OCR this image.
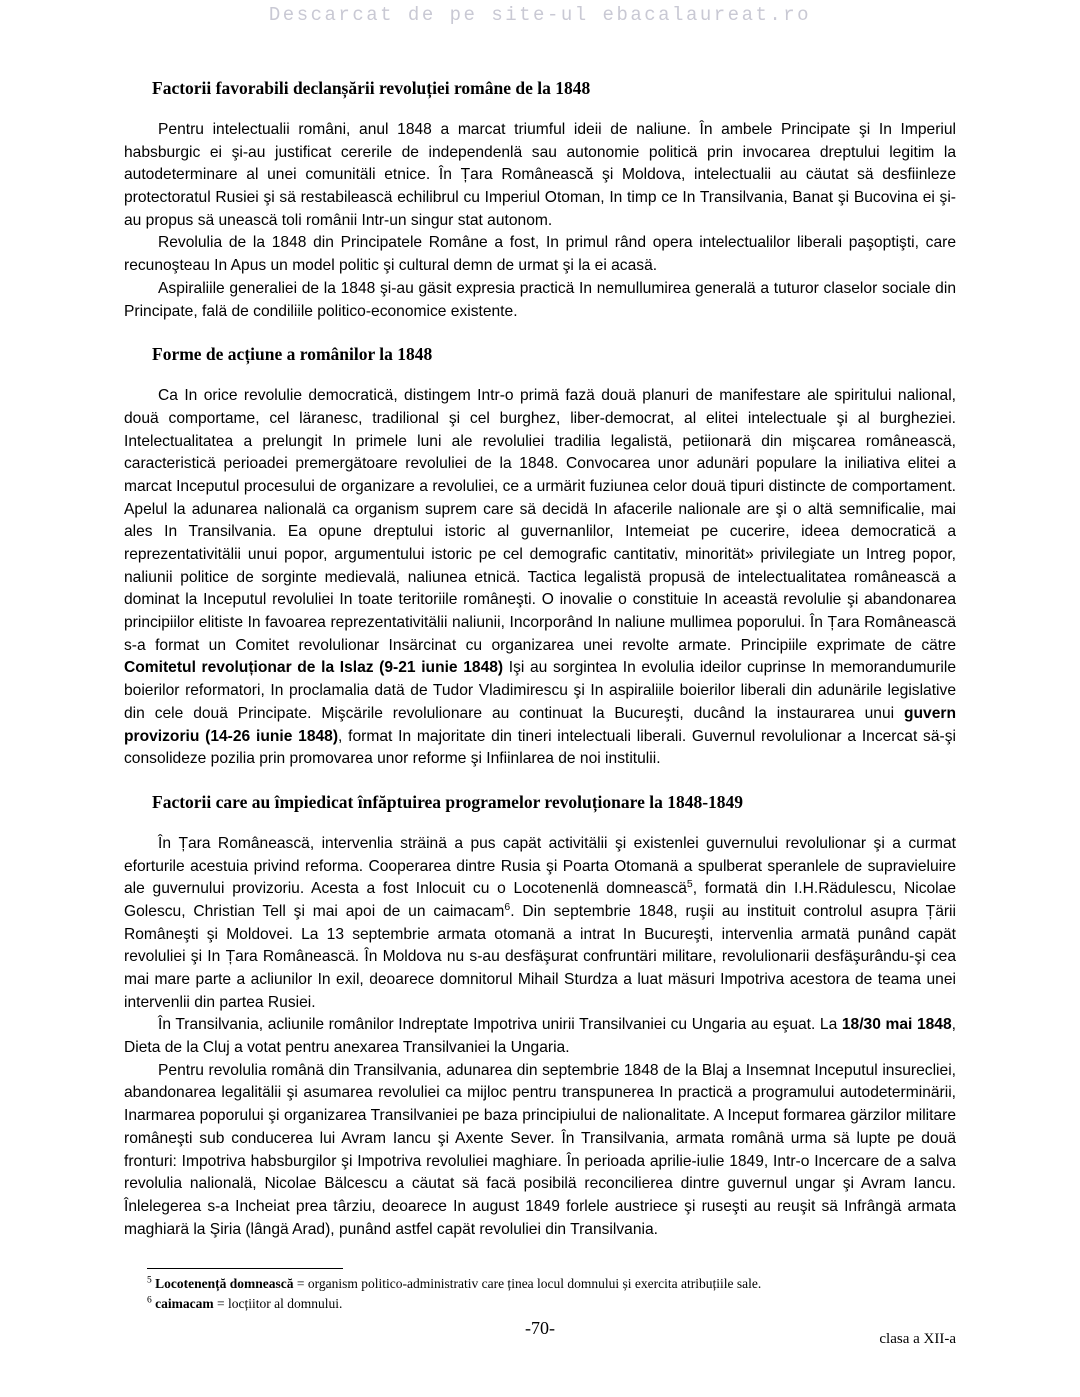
Descarcat de pe site-ul ebacalaureat.ro
Factorii favorabili declanșării revoluției române de la 1848

Pentru intelectualii români, anul 1848 a marcat triumful ideii de naliune. În ambele Principate şi In Imperiul habsburgic ei şi-au justificat cererile de independenlä sau autonomie politicä prin invocarea dreptului legitim la autodeterminare al unei comunitäli etnice. În Țara Românească şi Moldova, intelectualii au cäutat sä desfiinleze protectoratul Rusiei şi sä restabileascä echilibrul cu Imperiul Otoman, In timp ce In Transilvania, Banat şi Bucovina ei şi-au propus sä uneascä toli românii Intr-un singur stat autonom.

Revolulia de la 1848 din Principatele Române a fost, In primul rând opera intelectualilor liberali paşoptişti, care recunoşteau In Apus un model politic şi cultural demn de urmat şi la ei acasä.

Aspiraliile generaliei de la 1848 şi-au gäsit expresia practicä In nemullumirea generalä a tuturor claselor sociale din Principate, falä de condiliile politico-economice existente.

Forme de acțiune a românilor la 1848

Ca In orice revolulie democraticä, distingem Intr-o primä fazä douä planuri de manifestare ale spiritului nalional, douä comportame, cel läranesc, tradilional şi cel burghez, liber-democrat, al elitei intelectuale şi al burgheziei. Intelectualitatea a prelungit In primele luni ale revoluliei tradilia legalistä, petiionarä din mişcarea româneascä, caracteristicä perioadei premergätoare revoluliei de la 1848. Convocarea unor adunäri populare la iniliativa elitei a marcat Inceputul procesului de organizare a revoluliei, ce a urmärit fuziunea celor douä tipuri distincte de comportament. Apelul la adunarea nalionalä ca organism suprem care sä decidä In afacerile nalionale are şi o altä semnificalie, mai ales In Transilvania. Ea opune dreptului istoric al guvernanlilor, Intemeiat pe cucerire, ideea democraticä a reprezentativitälii unui popor, argumentului istoric pe cel demografic cantitativ, minorität» privilegiate un Intreg popor, naliunii politice de sorginte medievalä, naliunea etnicä. Tactica legalistä propusä de intelectualitatea româneascä a dominat la Inceputul revoluliei In toate teritoriile româneşti. O inovalie o constituie In aceastä revolulie şi abandonarea principiilor elitiste In favoarea reprezentativitälii naliunii, Incorporând In naliune mullimea poporului. În Țara Româneascä s-a format un Comitet revolulionar Insärcinat cu organizarea unei revolte armate. Principiile exprimate de cätre Comitetul revoluționar de la Islaz (9-21 iunie 1848) Işi au sorgintea In evolulia ideilor cuprinse In memorandumurile boierilor reformatori, In proclamalia datä de Tudor Vladimirescu şi In aspiraliile boierilor liberali din adunärile legislative din cele douä Principate. Mişcärile revolulionare au continuat la Bucureşti, ducând la instaurarea unui guvern provizoriu (14-26 iunie 1848), format In majoritate din tineri intelectuali liberali. Guvernul revolulionar a Incercat sä-şi consolideze pozilia prin promovarea unor reforme şi Infiinlarea de noi institulii.

Factorii care au împiedicat înfăptuirea programelor revoluționare la 1848-1849

În Țara Româneascä, intervenlia sträinä a pus capät activitälii şi existenlei guvernului revolulionar şi a curmat eforturile acestuia privind reforma. Cooperarea dintre Rusia şi Poarta Otomanä a spulberat speranlele de supravieluire ale guvernului provizoriu. Acesta a fost Inlocuit cu o Locotenenlä domneascä$^5$, formatä din I.H.Rädulescu, Nicolae Golescu, Christian Tell şi mai apoi de un caimacam$^6$. Din septembrie 1848, ruşii au instituit controlul asupra Țärii Româneşti şi Moldovei. La 13 septembrie armata otomanä a intrat In Bucureşti, intervenlia armatä punând capät revoluliei şi In Țara Româneascä. În Moldova nu s-au desfäşurat confruntäri militare, revolulionarii desfäşurându-şi cea mai mare parte a acliunilor In exil, deoarece domnitorul Mihail Sturdza a luat mäsuri Impotriva acestora de teama unei intervenlii din partea Rusiei.

În Transilvania, acliunile românilor Indreptate Impotriva unirii Transilvaniei cu Ungaria au eşuat. La 18/30 mai 1848, Dieta de la Cluj a votat pentru anexarea Transilvaniei la Ungaria.

Pentru revolulia românä din Transilvania, adunarea din septembrie 1848 de la Blaj a Insemnat Inceputul insurecliei, abandonarea legalitälii şi asumarea revoluliei ca mijloc pentru transpunerea In practicä a programului autodeterminärii, Inarmarea poporului şi organizarea Transilvaniei pe baza principiului de nalionalitate. A Inceput formarea gärzilor militare româneşti sub conducerea lui Avram Iancu şi Axente Sever. În Transilvania, armata românä urma sä lupte pe douä fronturi: Impotriva habsburgilor şi Impotriva revoluliei maghiare. În perioada aprilie-iulie 1849, Intr-o Incercare de a salva revolulia nalionalä, Nicolae Bälcescu a cäutat sä facä posibilä reconcilierea dintre guvernul ungar şi Avram Iancu. Înlelegerea s-a Incheiat prea târziu, deoarece In august 1849 forlele austriece şi ruseşti au reuşit sä Infrângä armata maghiarä la Şiria (lângä Arad), punând astfel capät revoluliei din Transilvania.

$^5$ Locotenență domnească = organism politico-administrativ care ținea locul domnului și exercita atribuțiile sale.
$^6$ caimacam = locțiitor al domnului.
-70-
clasa a XII-a
